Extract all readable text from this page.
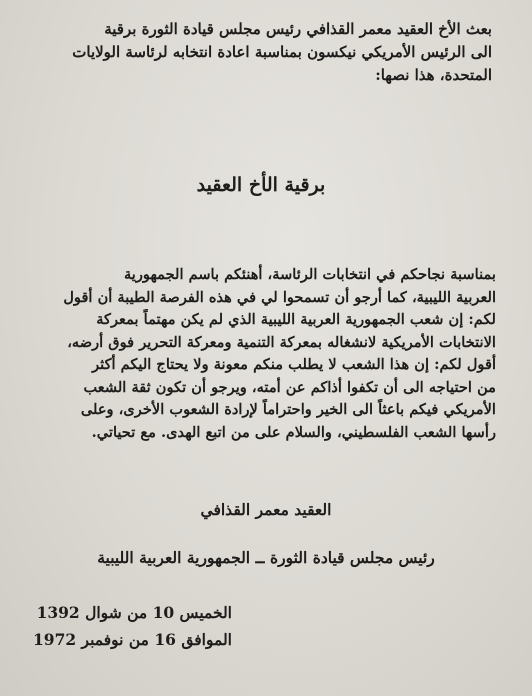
بعث الأخ العقيد معمر القذافي رئيس مجلس قيادة الثورة برقية
الى الرئيس الأمريكي نيكسون بمناسبة اعادة انتخابه لرئاسة الولايات
المتحدة، هذا نصها:
برقية الأخ العقيد
بمناسبة نجاحكم في انتخابات الرئاسة، أهنئكم باسم الجمهورية
العربية الليبية، كما أرجو أن تسمحوا لي في هذه الفرصة الطيبة أن أقول
لكم: إن شعب الجمهورية العربية الليبية الذي لم يكن مهتماً بمعركة
الانتخابات الأمريكية لانشغاله بمعركة التنمية ومعركة التحرير فوق أرضه،
أقول لكم: إن هذا الشعب لا يطلب منكم معونة ولا يحتاج اليكم أكثر
من احتياجه الى أن تكفوا أذاكم عن أمته، ويرجو أن تكون ثقة الشعب
الأمريكي فيكم باعثاً الى الخير واحتراماً لإرادة الشعوب الأخرى، وعلى
رأسها الشعب الفلسطيني، والسلام على من اتبع الهدى. مع تحياتي.
العقيد معمر القذافي
رئيس مجلس قيادة الثورة ــ الجمهورية العربية الليبية
الخميس 10 من شوال 1392
الموافق 16 من نوفمبر 1972
